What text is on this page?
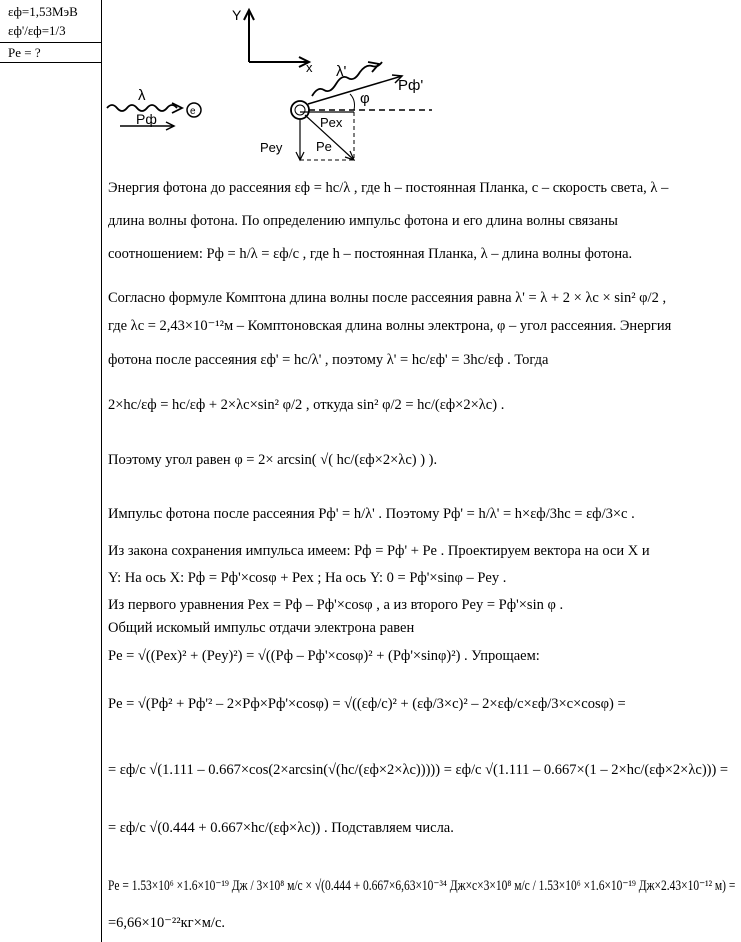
εф=1,53МэВ
εф'/εф=1/3
Pe = ?
Y
x
λ
Pф	e
λ'
Pф'
φ
Pex
Pey	Pe
Энергия фотона до рассеяния εф = hc/λ , где h – постоянная Планка, c – скорость света, λ –
длина волны фотона. По определению импульс фотона и его длина волны связаны
соотношением: Pф = h/λ = εф/c , где h – постоянная Планка, λ – длина волны фотона.
Согласно формуле Комптона длина волны после рассеяния равна λ' = λ + 2 × λc × sin² φ/2 ,
где λc = 2,43×10⁻¹²м – Комптоновская длина волны электрона, φ – угол рассеяния. Энергия
фотона после рассеяния εф' = hc/λ' , поэтому λ' = hc/εф' = 3hc/εф . Тогда
2×hc/εф = hc/εф + 2×λc×sin² φ/2 , откуда sin² φ/2 = hc/(εф×2×λc) .
Поэтому угол равен φ = 2× arcsin( √( hc/(εф×2×λc) ) ).
Импульс фотона после рассеяния Pф' = h/λ' . Поэтому Pф' = h/λ' = h×εф/3hc = εф/3×c .
Из закона сохранения импульса имеем: Pф = Pф' + Pe . Проектируем вектора на оси X и
Y: На ось X: Pф = Pф'×cosφ + Pex ; На ось Y: 0 = Pф'×sinφ – Pey .
Из первого уравнения Pex = Pф – Pф'×cosφ , а из второго Pey = Pф'×sin φ .
Общий искомый импульс отдачи электрона равен
Pe = √((Pex)² + (Pey)²) = √((Pф – Pф'×cosφ)² + (Pф'×sinφ)²) . Упрощаем:
Pe = √(Pф² + Pф'² – 2×Pф×Pф'×cosφ) = √((εф/c)² + (εф/3×c)² – 2×εф/c×εф/3×c×cosφ) =
= εф/c √(1.111 – 0.667×cos(2×arcsin(√(hc/(εф×2×λc))))) = εф/c √(1.111 – 0.667×(1 – 2×hc/(εф×2×λc))) =
= εф/c √(0.444 + 0.667×hc/(εф×λc)) . Подставляем числа.
Pe = 1.53×10⁶ ×1.6×10⁻¹⁹ Дж / 3×10⁸ м/с × √(0.444 + 0.667×6,63×10⁻³⁴ Дж×с×3×10⁸ м/с / 1.53×10⁶ ×1.6×10⁻¹⁹ Дж×2.43×10⁻¹² м) =
=6,66×10⁻²²кг×м/с.
